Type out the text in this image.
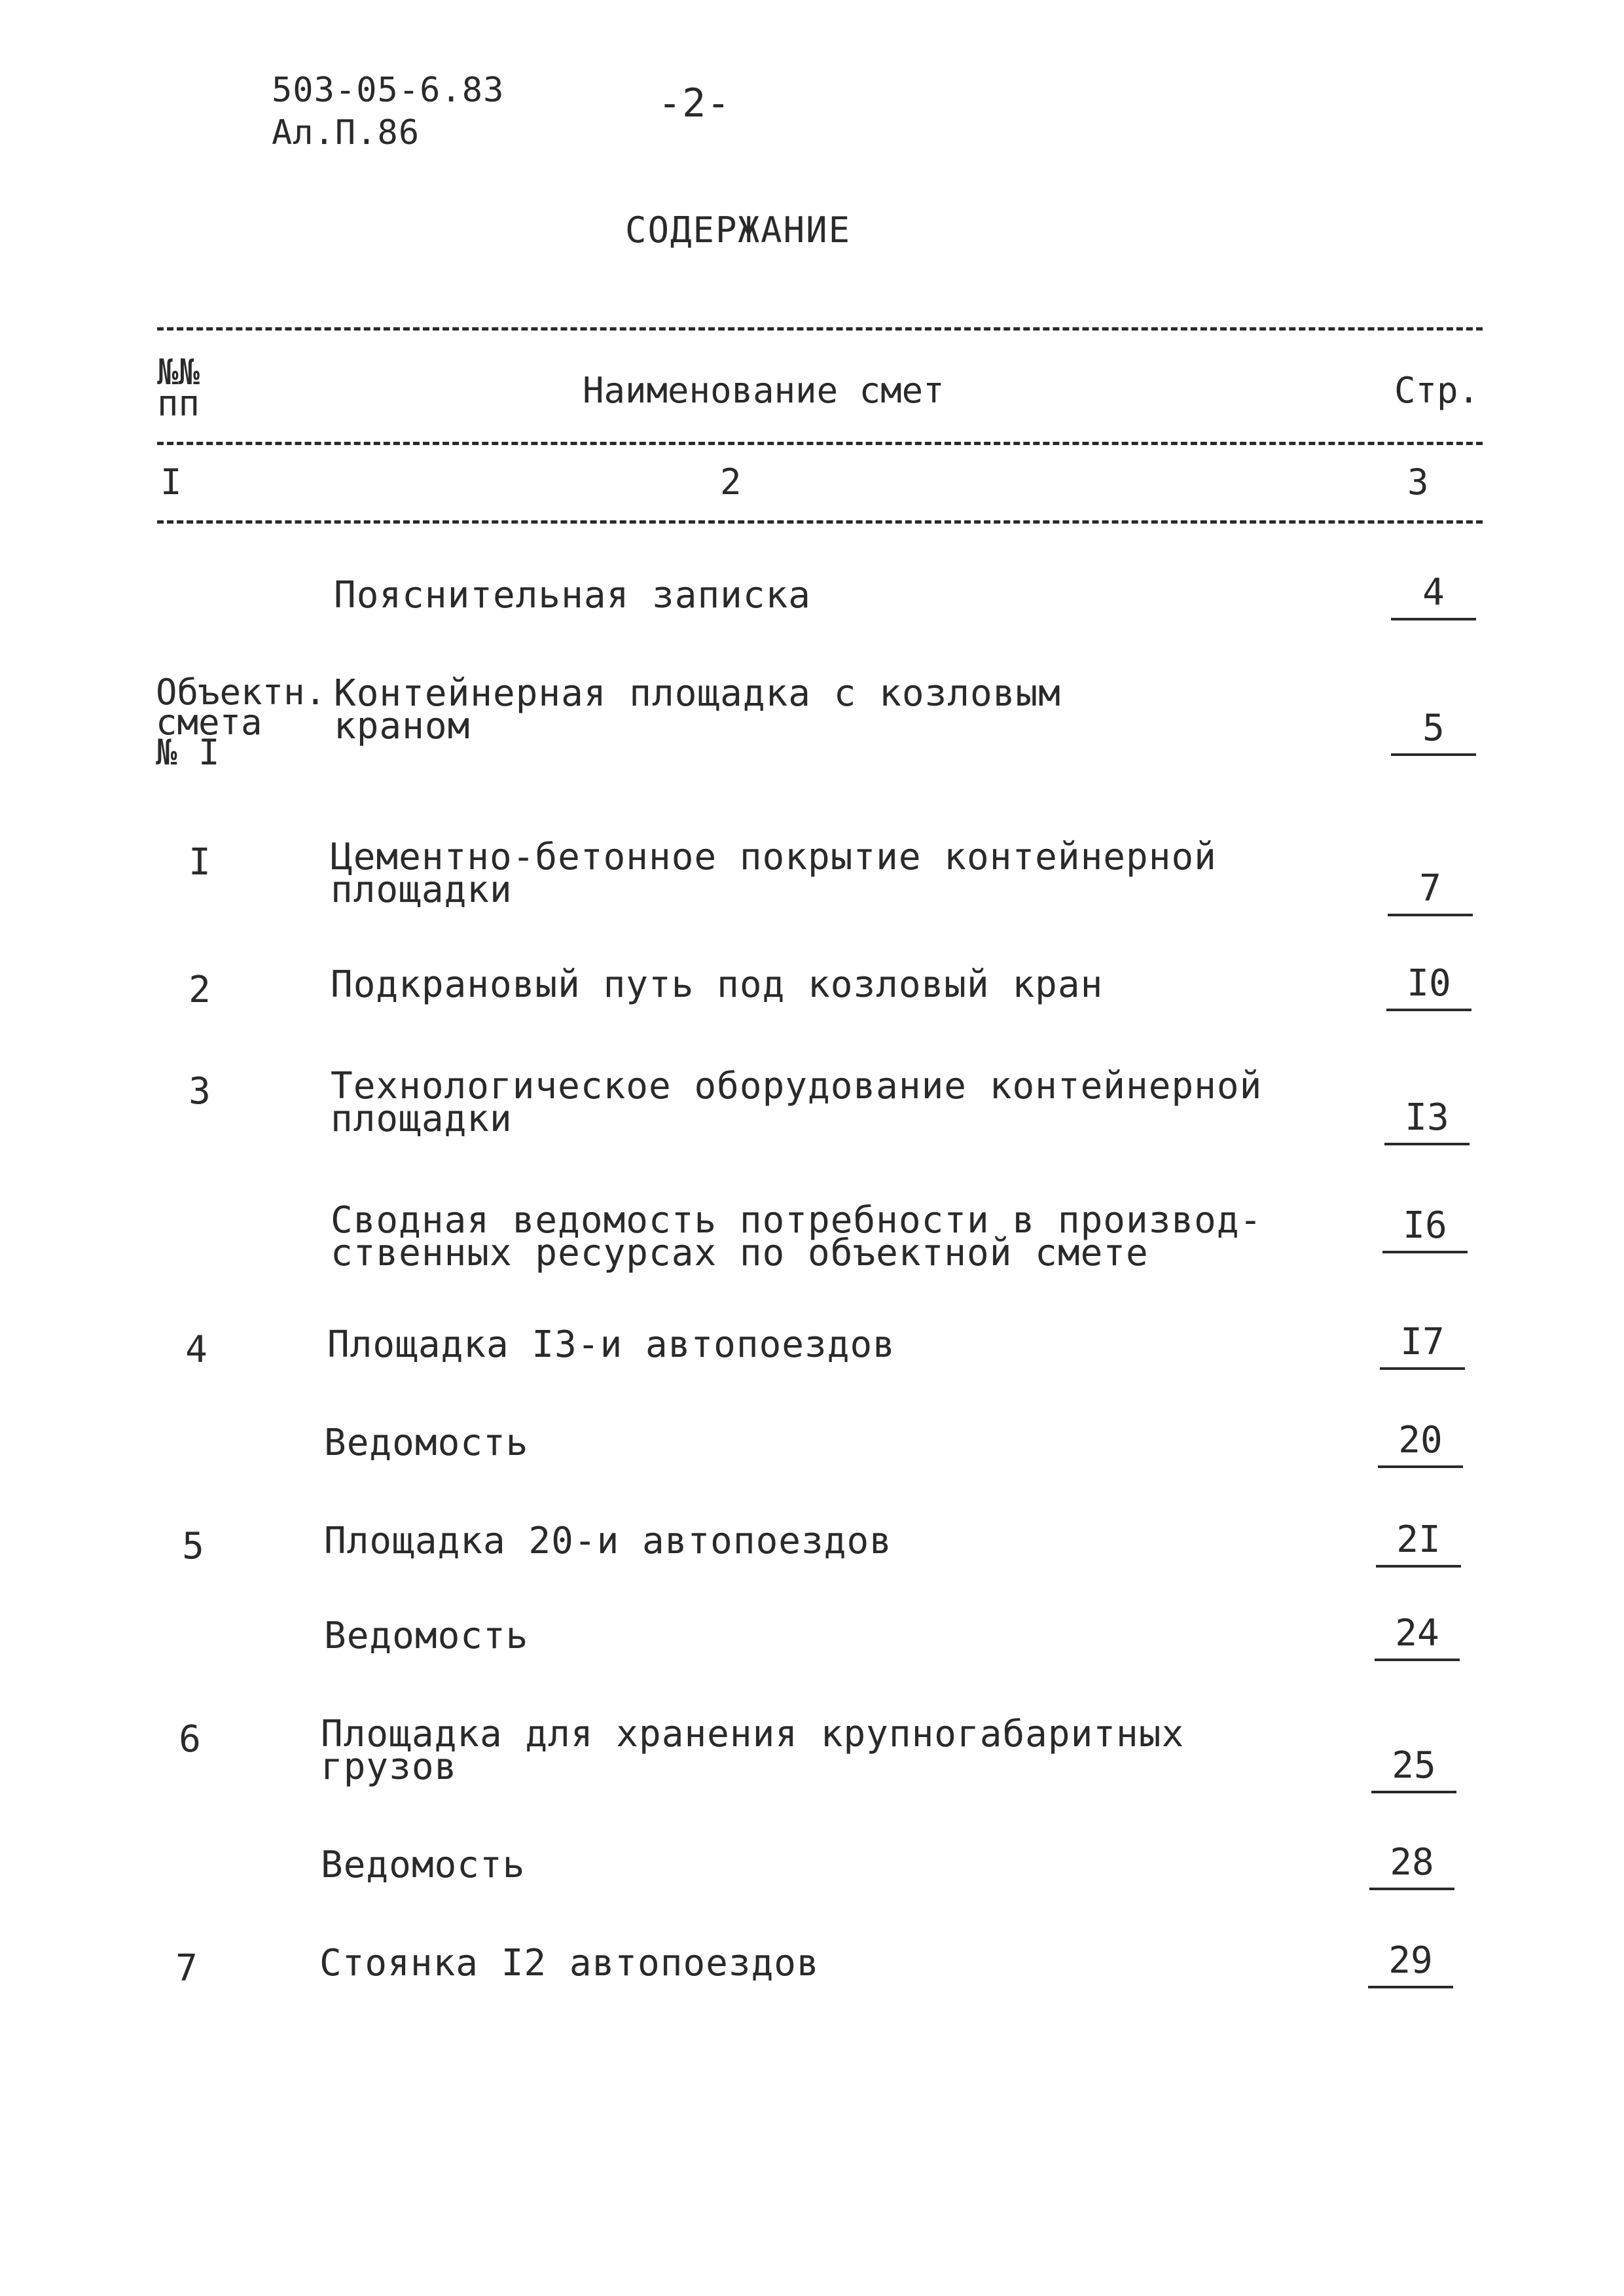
503-05-6.83
Ал.П.86
-2-
СОДЕРЖАНИЕ
№№
пп	Наименование смет	Стр.
I	2	3
Пояснительная записка	4
Объектн.
смета
№ I
Контейнерная площадка с козловым
краном	5
I	Цементно-бетонное покрытие контейнерной
площадки	7
2	Подкрановый путь под козловый кран	I0
3	Технологическое оборудование контейнерной
площадки	I3
Сводная ведомость потребности в производ-
ственных ресурсах по объектной смете
I6
4	Площадка I3-и автопоездов	I7
Ведомость	20
5	Площадка 20-и автопоездов	2I
Ведомость	24
6	Площадка для хранения крупногабаритных
грузов	25
Ведомость	28
7	Стоянка I2 автопоездов	29
